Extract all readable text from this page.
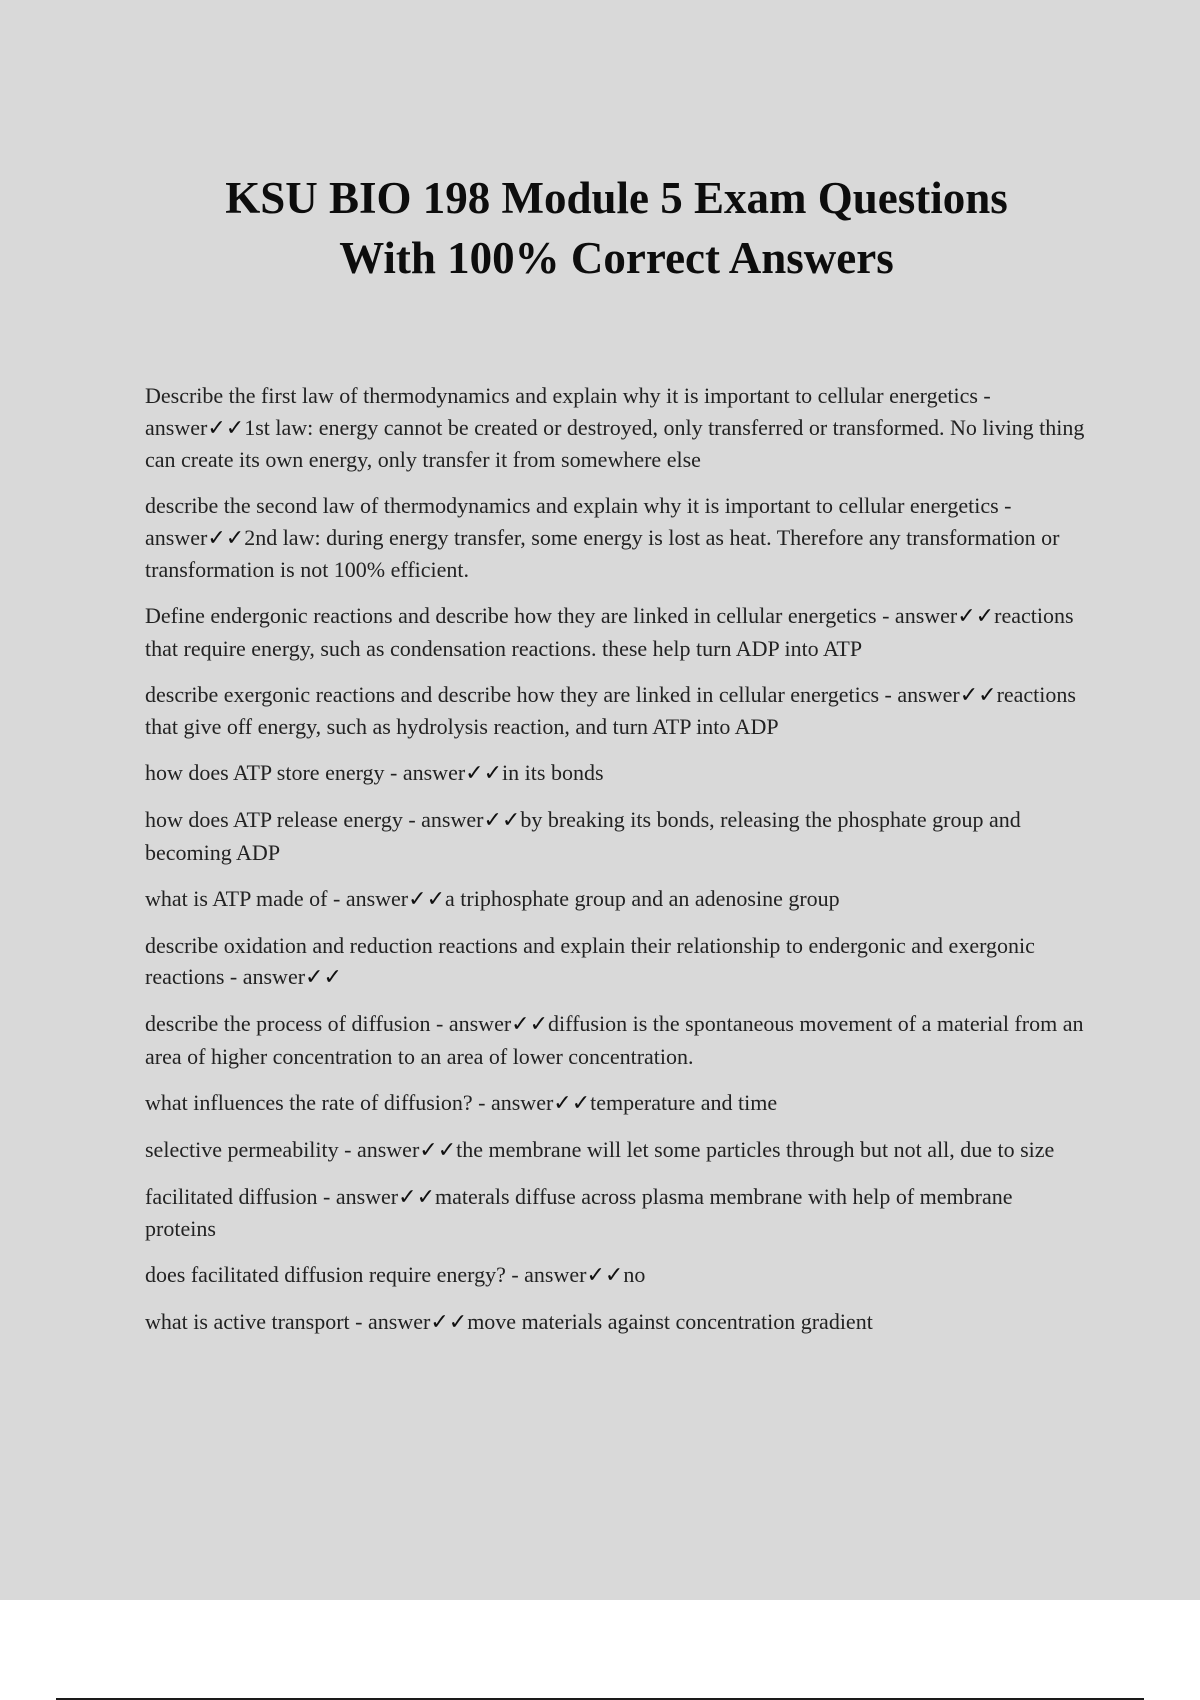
KSU BIO 198 Module 5 Exam Questions
With 100% Correct Answers
Describe the first law of thermodynamics and explain why it is important to cellular energetics - answer✓✓1st law: energy cannot be created or destroyed, only transferred or transformed. No living thing can create its own energy, only transfer it from somewhere else
describe the second law of thermodynamics and explain why it is important to cellular energetics - answer✓✓2nd law: during energy transfer, some energy is lost as heat. Therefore any transformation or transformation is not 100% efficient.
Define endergonic reactions and describe how they are linked in cellular energetics - answer✓✓reactions that require energy, such as condensation reactions. these help turn ADP into ATP
describe exergonic reactions and describe how they are linked in cellular energetics - answer✓✓reactions that give off energy, such as hydrolysis reaction, and turn ATP into ADP
how does ATP store energy - answer✓✓in its bonds
how does ATP release energy - answer✓✓by breaking its bonds, releasing the phosphate group and becoming ADP
what is ATP made of - answer✓✓a triphosphate group and an adenosine group
describe oxidation and reduction reactions and explain their relationship to endergonic and exergonic reactions - answer✓✓
describe the process of diffusion - answer✓✓diffusion is the spontaneous movement of a material from an area of higher concentration to an area of lower concentration.
what influences the rate of diffusion? - answer✓✓temperature and time
selective permeability - answer✓✓the membrane will let some particles through but not all, due to size
facilitated diffusion - answer✓✓materals diffuse across plasma membrane with help of membrane proteins
does facilitated diffusion require energy? - answer✓✓no
what is active transport - answer✓✓move materials against concentration gradient
